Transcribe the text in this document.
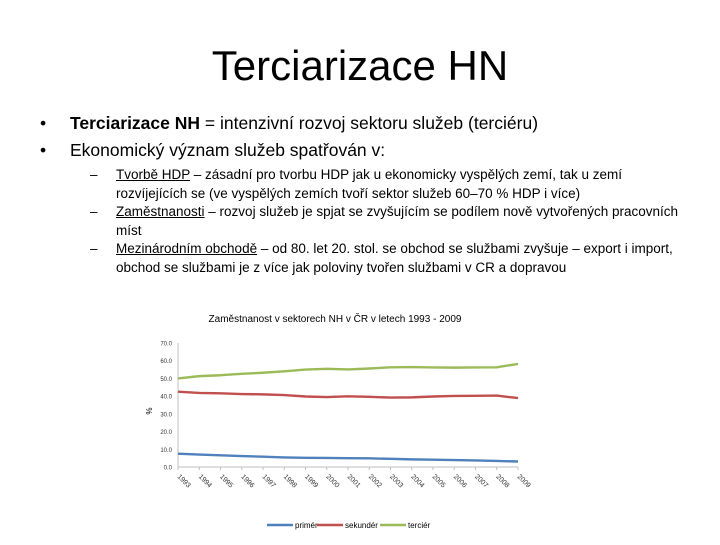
Terciarizace HN
•	Terciarizace NH = intenzivní rozvoj sektoru služeb (terciéru)
•	Ekonomický význam služeb spatřován v:
–	Tvorbě HDP – zásadní pro tvorbu HDP jak u ekonomicky vyspělých zemí, tak u zemí rozvíjejících se (ve vyspělých zemích tvoří sektor služeb 60–70 % HDP i více)
–	Zaměstnanosti – rozvoj služeb je spjat se zvyšujícím se podílem nově vytvořených pracovních míst
–	Mezinárodním obchodě – od 80. let 20. stol. se obchod se službami zvyšuje – export i import, obchod se službami je z více jak poloviny tvořen službami v CR a dopravou
Zaměstnanost v sektorech NH v ČR v letech 1993 - 2009
0.0
10.0
20.0
30.0
40.0
50.0
60.0
70.0
%
1993 1994 1995 1996 1997 1998 1999 2000 2001 2002 2003 2004 2005 2006 2007 2008 2009
primér	sekundér	terciér
